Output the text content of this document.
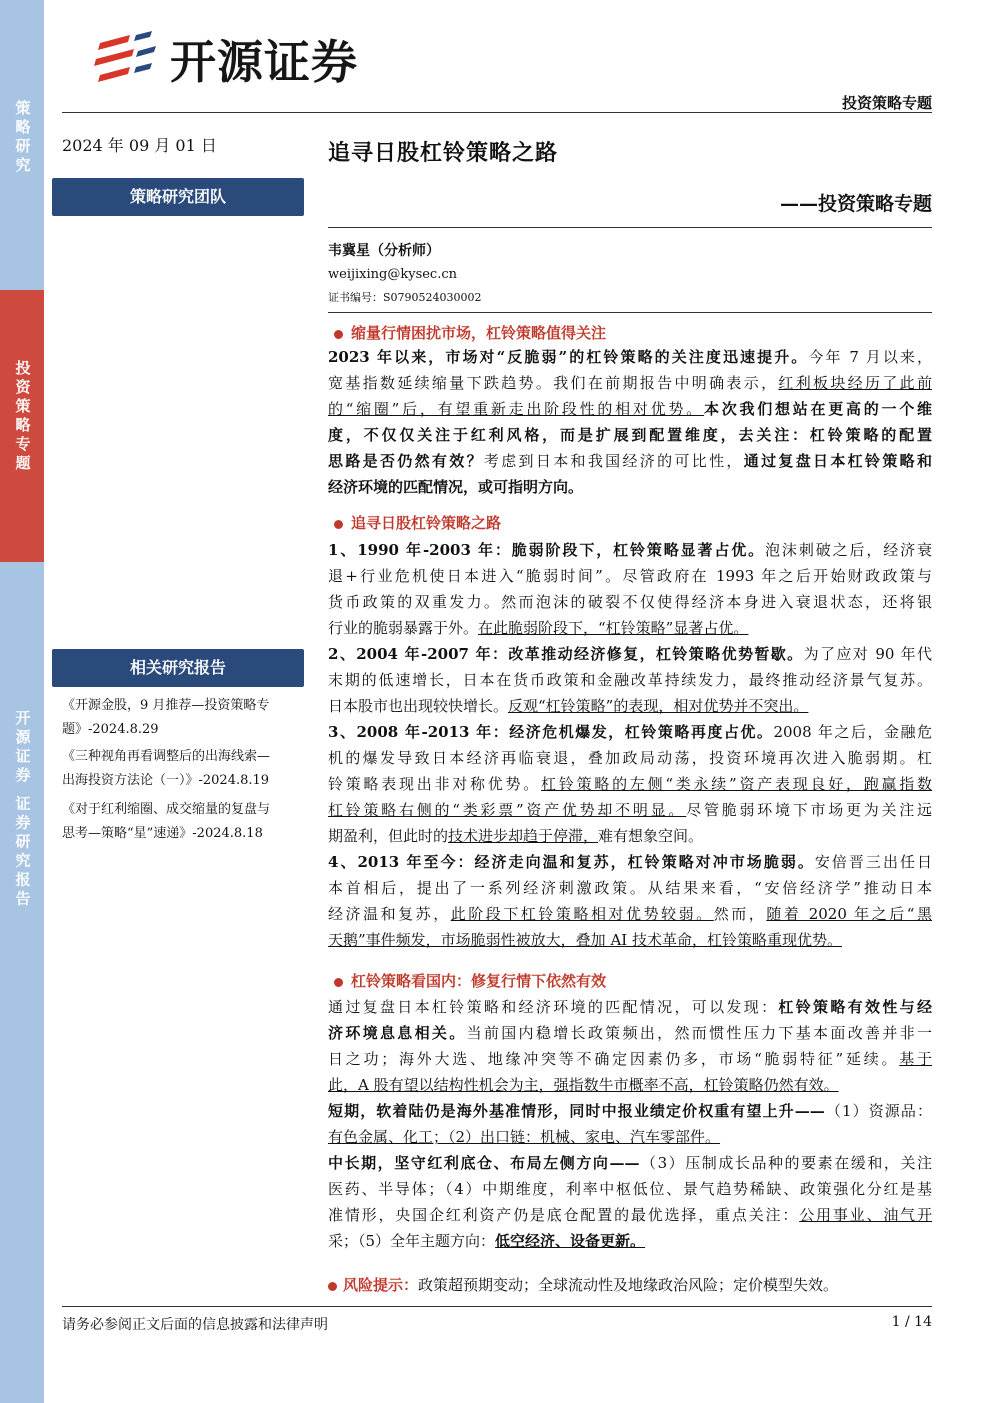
策略研究
投资策略专题
开源证券 证券研究报告
开源证券
投资策略专题
2024 年 09 月 01 日	追寻日股杠铃策略之路
——投资策略专题
策略研究团队
相关研究报告
《开源金股，9 月推荐—投资策略专
题》-2024.8.29
《三种视角再看调整后的出海线索—
出海投资方法论（一）》-2024.8.19
《对于红利缩圈、成交缩量的复盘与
思考—策略“星”速递》-2024.8.18
韦冀星（分析师）
weijixing@kysec.cn
证书编号：S0790524030002
缩量行情困扰市场，杠铃策略值得关注
2023 年以来，市场对“反脆弱”的杠铃策略的关注度迅速提升。今年 7 月以来，
宽基指数延续缩量下跌趋势。我们在前期报告中明确表示，红利板块经历了此前
的“缩圈”后，有望重新走出阶段性的相对优势。本次我们想站在更高的一个维
度，不仅仅关注于红利风格，而是扩展到配置维度，去关注：杠铃策略的配置
思路是否仍然有效？考虑到日本和我国经济的可比性，通过复盘日本杠铃策略和
经济环境的匹配情况，或可指明方向。
追寻日股杠铃策略之路
1、1990 年-2003 年：脆弱阶段下，杠铃策略显著占优。泡沫刺破之后，经济衰
退+行业危机使日本进入“脆弱时间”。尽管政府在 1993 年之后开始财政政策与
货币政策的双重发力。然而泡沫的破裂不仅使得经济本身进入衰退状态，还将银
行业的脆弱暴露于外。在此脆弱阶段下，“杠铃策略”显著占优。
2、2004 年-2007 年：改革推动经济修复，杠铃策略优势暂歇。为了应对 90 年代
末期的低速增长，日本在货币政策和金融改革持续发力，最终推动经济景气复苏。
日本股市也出现较快增长。反观“杠铃策略”的表现，相对优势并不突出。
3、2008 年-2013 年：经济危机爆发，杠铃策略再度占优。2008 年之后，金融危
机的爆发导致日本经济再临衰退，叠加政局动荡，投资环境再次进入脆弱期。杠
铃策略表现出非对称优势。杠铃策略的左侧“类永续”资产表现良好，跑赢指数
杠铃策略右侧的“类彩票”资产优势却不明显。尽管脆弱环境下市场更为关注远
期盈利，但此时的技术进步却趋于停滞，难有想象空间。
4、2013 年至今：经济走向温和复苏，杠铃策略对冲市场脆弱。安倍晋三出任日
本首相后，提出了一系列经济刺激政策。从结果来看，“安倍经济学”推动日本
经济温和复苏，此阶段下杠铃策略相对优势较弱。然而，随着 2020 年之后“黑
天鹅”事件频发，市场脆弱性被放大，叠加 AI 技术革命，杠铃策略重现优势。
杠铃策略看国内：修复行情下依然有效
通过复盘日本杠铃策略和经济环境的匹配情况，可以发现：杠铃策略有效性与经
济环境息息相关。当前国内稳增长政策频出，然而惯性压力下基本面改善并非一
日之功；海外大选、地缘冲突等不确定因素仍多，市场“脆弱特征”延续。基于
此，A 股有望以结构性机会为主，强指数牛市概率不高，杠铃策略仍然有效。
短期，软着陆仍是海外基准情形，同时中报业绩定价权重有望上升——（1）资源品：
有色金属、化工；（2）出口链：机械、家电、汽车零部件。
中长期，坚守红利底仓、布局左侧方向——（3）压制成长品种的要素在缓和，关注
医药、半导体；（4）中期维度，利率中枢低位、景气趋势稀缺、政策强化分红是基
准情形，央国企红利资产仍是底仓配置的最优选择，重点关注：公用事业、油气开
采；（5）全年主题方向：低空经济、设备更新。
风险提示：政策超预期变动；全球流动性及地缘政治风险；定价模型失效。
请务必参阅正文后面的信息披露和法律声明	1 / 14
